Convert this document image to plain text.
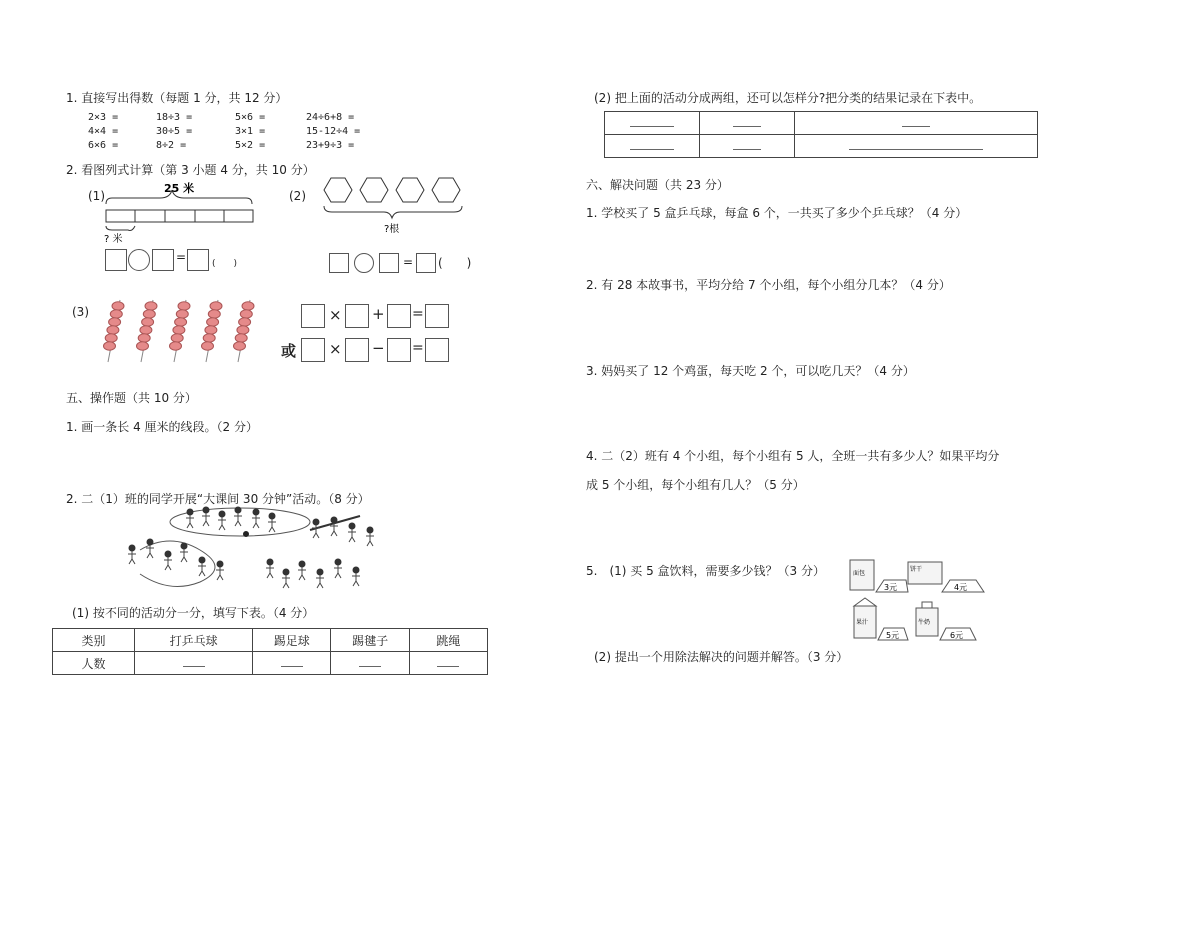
1. 直接写出得数（每题 1 分，共 12 分）
2×3 =	18÷3 =	5×6 =	24÷6+8 =
4×4 =	30÷5 =	3×1 =	15-12÷4 =
6×6 =	8÷2 =	5×2 =	23+9÷3 =
2. 看图列式计算（第 3 小题 4 分，共 10 分）
(1)
25 米
? 米
=	(　　)
(2)
?根
= (　　)
(3)	× + =
或 × − =
五、操作题（共 10 分）
1. 画一条长 4 厘米的线段。（2 分）
2. 二（1）班的同学开展“大课间 30 分钟”活动。（8 分）
(1) 按不同的活动分一分，填写下表。（4 分）
类别	打乒乓球	踢足球	踢毽子	跳绳
人数				
(2) 把上面的活动分成两组，还可以怎样分?把分类的结果记录在下表中。

六、解决问题（共 23 分）
1. 学校买了 5 盒乒乓球，每盒 6 个，一共买了多少个乒乓球？（4 分）
2. 有 28 本故事书，平均分给 7 个小组，每个小组分几本？（4 分）
3. 妈妈买了 12 个鸡蛋，每天吃 2 个，可以吃几天？（4 分）
4. 二（2）班有 4 个小组，每个小组有 5 人，全班一共有多少人？如果平均分
成 5 个小组，每个小组有几人？（5 分）
5.　(1) 买 5 盒饮料，需要多少钱？（3 分）	面包
3元
饼干
4元
果汁
5元
牛奶
6元
(2) 提出一个用除法解决的问题并解答。（3 分）
